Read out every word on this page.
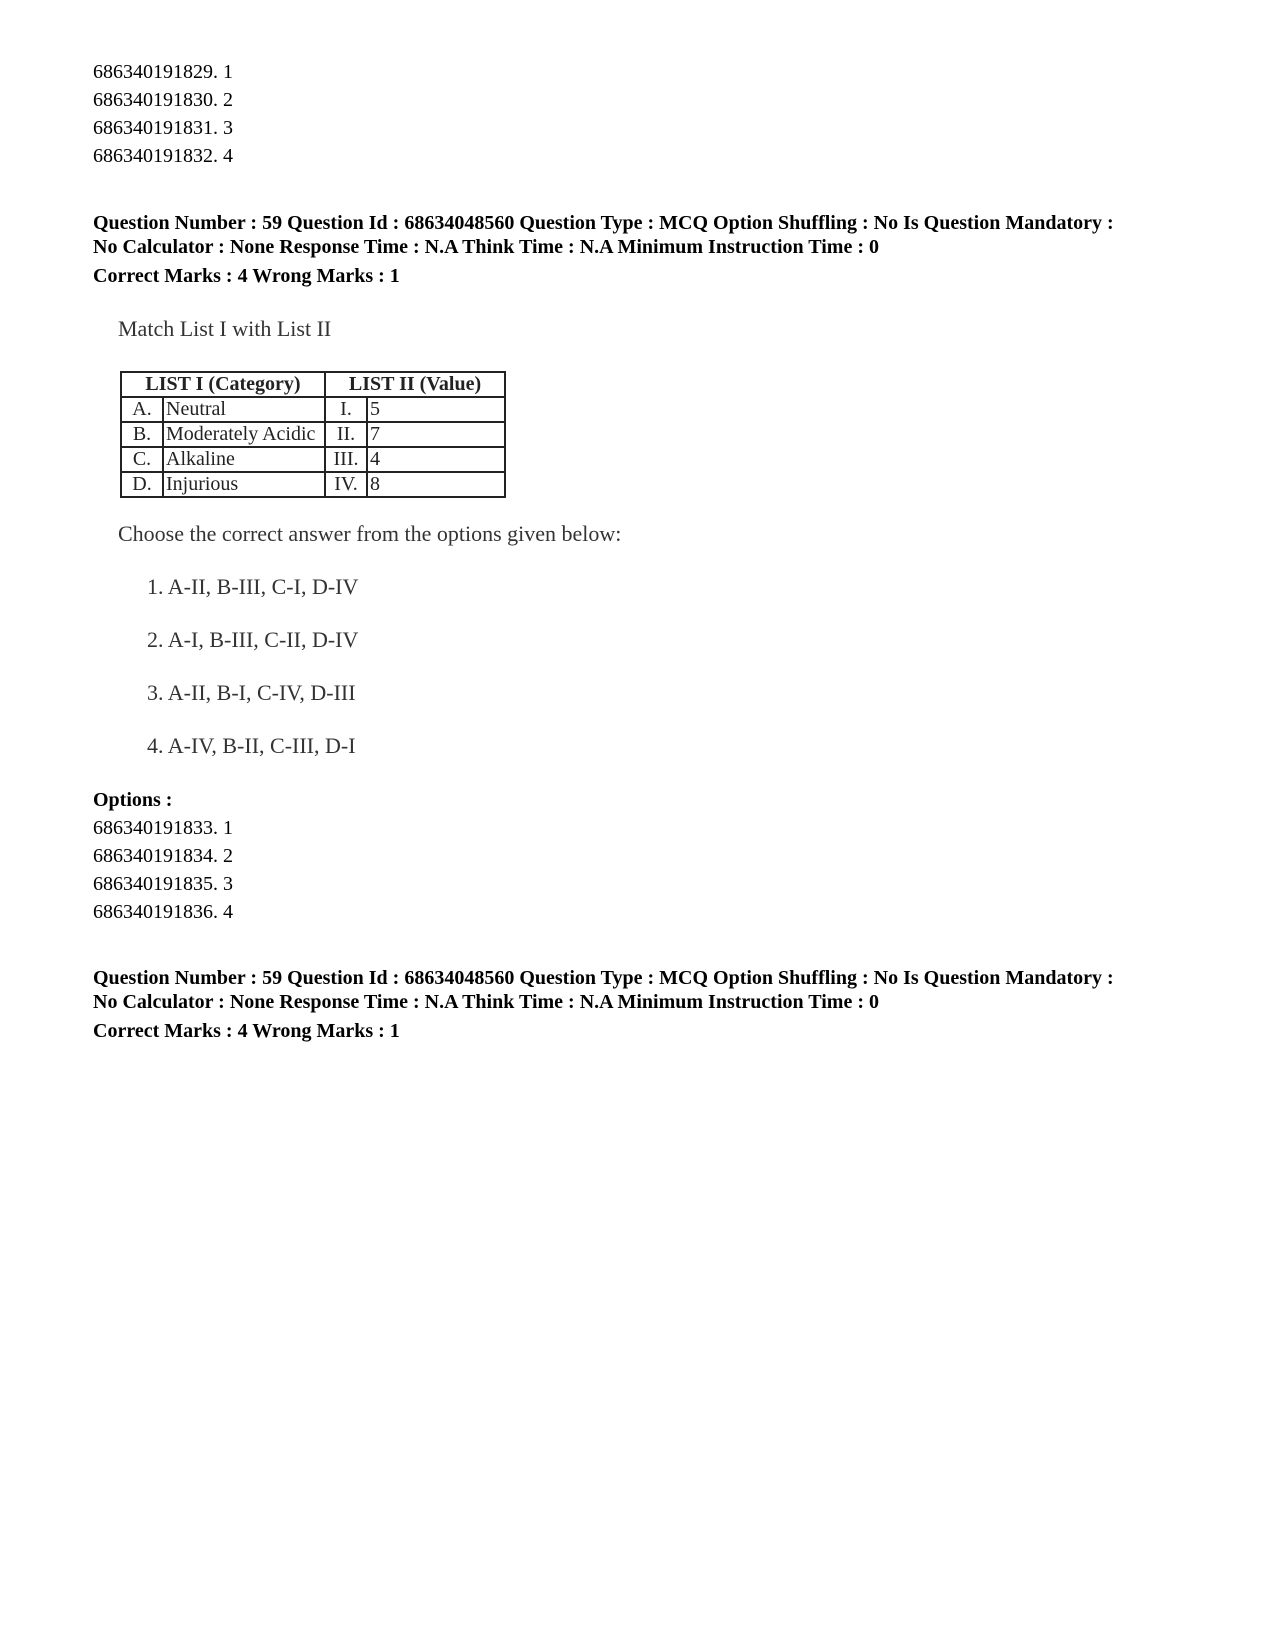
686340191829. 1
686340191830. 2
686340191831. 3
686340191832. 4
Question Number : 59 Question Id : 68634048560 Question Type : MCQ Option Shuffling : No Is Question Mandatory :
No Calculator : None Response Time : N.A Think Time : N.A Minimum Instruction Time : 0
Correct Marks : 4 Wrong Marks : 1
Match List I with List II
LIST I (Category)		LIST II (Value)	
A.	Neutral	I.	5
B.	Moderately Acidic	II.	7
C.	Alkaline	III.	4
D.	Injurious	IV.	8
Choose the correct answer from the options given below:
1. A-II, B-III, C-I, D-IV
2. A-I, B-III, C-II, D-IV
3. A-II, B-I, C-IV, D-III
4. A-IV, B-II, C-III, D-I
Options :
686340191833. 1
686340191834. 2
686340191835. 3
686340191836. 4
Question Number : 59 Question Id : 68634048560 Question Type : MCQ Option Shuffling : No Is Question Mandatory :
No Calculator : None Response Time : N.A Think Time : N.A Minimum Instruction Time : 0
Correct Marks : 4 Wrong Marks : 1
